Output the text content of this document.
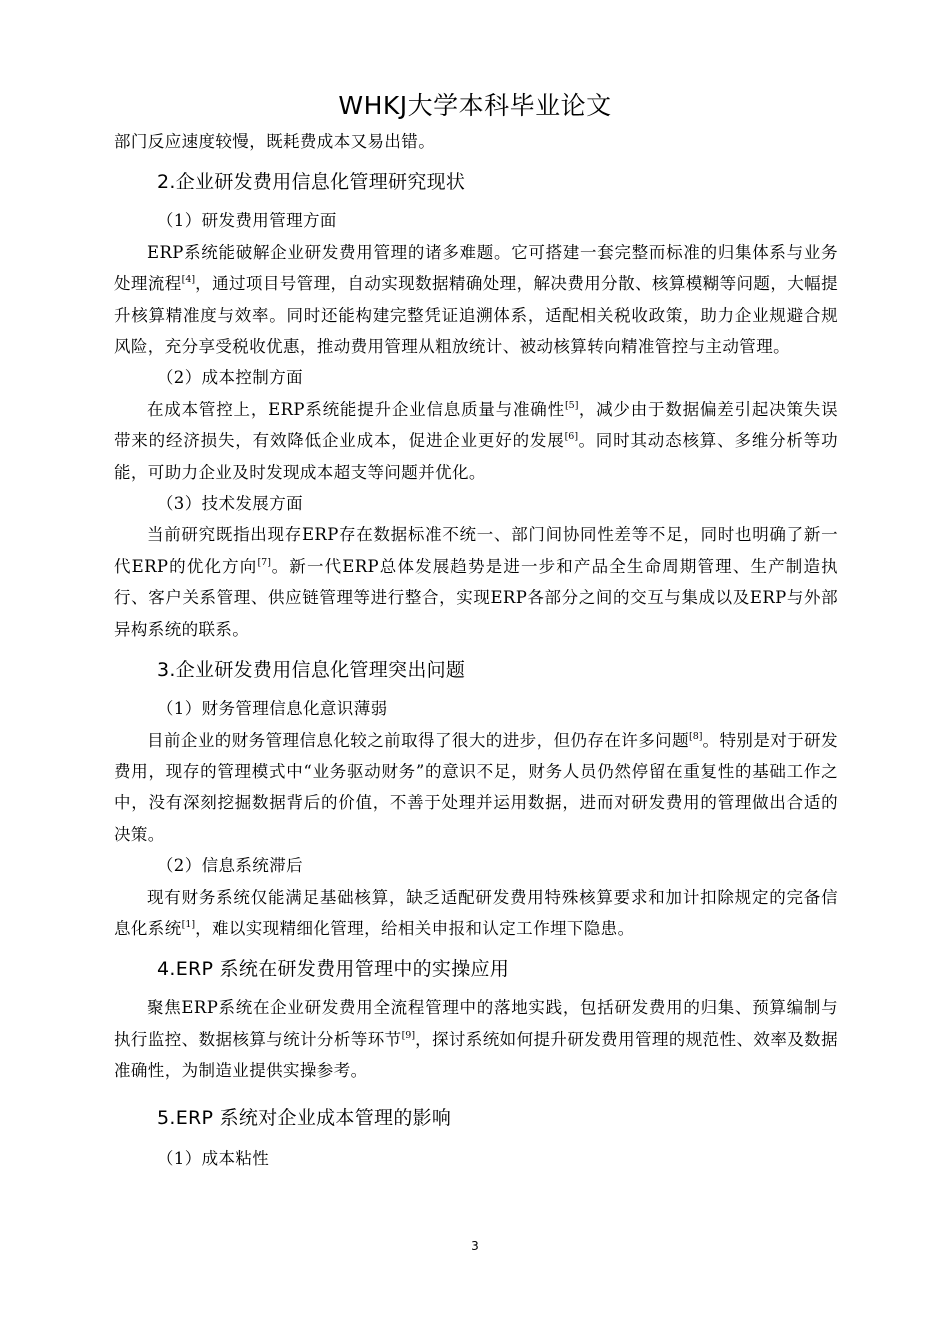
WHKJ大学本科毕业论文

部门反应速度较慢，既耗费成本又易出错。

2.企业研发费用信息化管理研究现状

（1）研发费用管理方面

ERP系统能破解企业研发费用管理的诸多难题。它可搭建一套完整而标准的归集体系与业务处理流程[4]，通过项目号管理，自动实现数据精确处理，解决费用分散、核算模糊等问题，大幅提升核算精准度与效率。同时还能构建完整凭证追溯体系，适配相关税收政策，助力企业规避合规风险，充分享受税收优惠，推动费用管理从粗放统计、被动核算转向精准管控与主动管理。

（2）成本控制方面

在成本管控上，ERP系统能提升企业信息质量与准确性[5]，减少由于数据偏差引起决策失误带来的经济损失，有效降低企业成本，促进企业更好的发展[6]。同时其动态核算、多维分析等功能，可助力企业及时发现成本超支等问题并优化。

（3）技术发展方面

当前研究既指出现存ERP存在数据标准不统一、部门间协同性差等不足，同时也明确了新一代ERP的优化方向[7]。新一代ERP总体发展趋势是进一步和产品全生命周期管理、生产制造执行、客户关系管理、供应链管理等进行整合，实现ERP各部分之间的交互与集成以及ERP与外部异构系统的联系。

3.企业研发费用信息化管理突出问题

（1）财务管理信息化意识薄弱

目前企业的财务管理信息化较之前取得了很大的进步，但仍存在许多问题[8]。特别是对于研发费用，现存的管理模式中“业务驱动财务”的意识不足，财务人员仍然停留在重复性的基础工作之中，没有深刻挖掘数据背后的价值，不善于处理并运用数据，进而对研发费用的管理做出合适的决策。

（2）信息系统滞后

现有财务系统仅能满足基础核算，缺乏适配研发费用特殊核算要求和加计扣除规定的完备信息化系统[1]，难以实现精细化管理，给相关申报和认定工作埋下隐患。

4.ERP 系统在研发费用管理中的实操应用

聚焦ERP系统在企业研发费用全流程管理中的落地实践，包括研发费用的归集、预算编制与执行监控、数据核算与统计分析等环节[9]，探讨系统如何提升研发费用管理的规范性、效率及数据准确性，为制造业提供实操参考。

5.ERP 系统对企业成本管理的影响

（1）成本粘性

3
